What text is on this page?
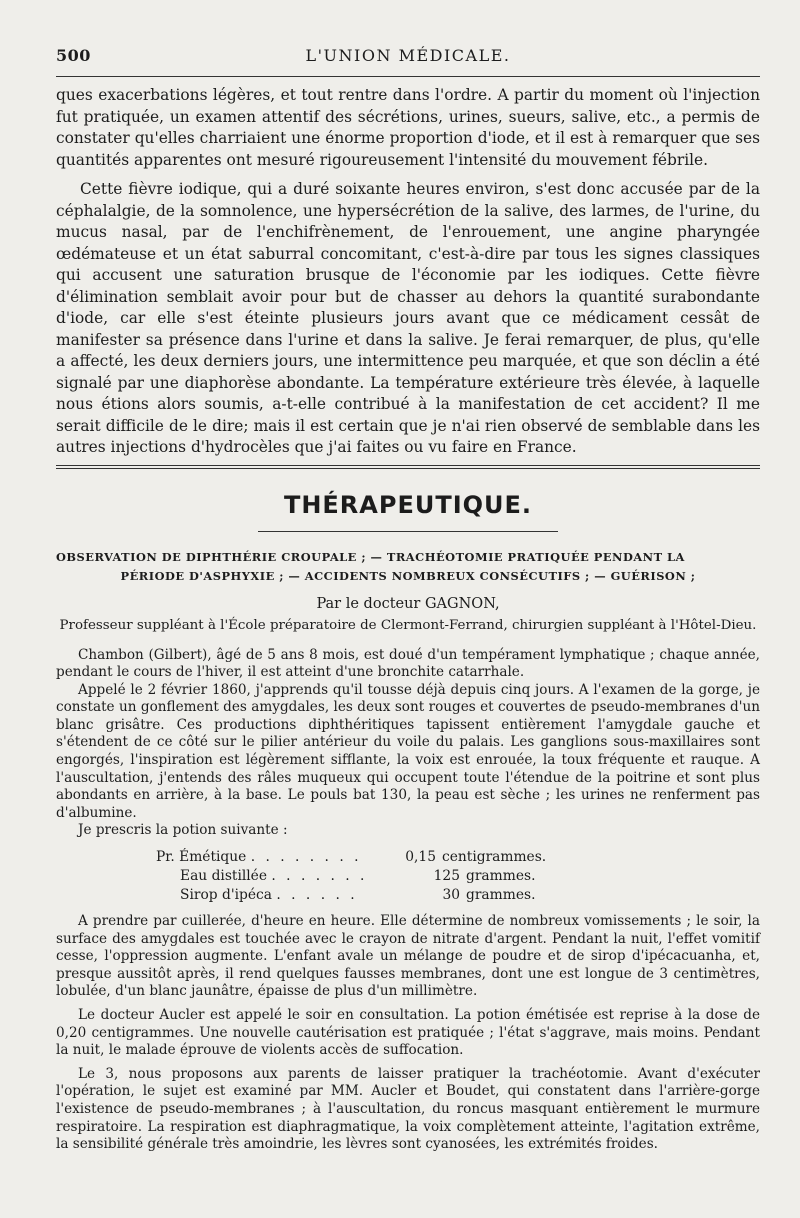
500	L'UNION MÉDICALE.

ques exacerbations légères, et tout rentre dans l'ordre. A partir du moment où l'injection fut pratiquée, un examen attentif des sécrétions, urines, sueurs, salive, etc., a permis de constater qu'elles charriaient une énorme proportion d'iode, et il est à remarquer que ses quantités apparentes ont mesuré rigoureusement l'intensité du mouvement fébrile.

Cette fièvre iodique, qui a duré soixante heures environ, s'est donc accusée par de la céphalalgie, de la somnolence, une hypersécrétion de la salive, des larmes, de l'urine, du mucus nasal, par de l'enchifrènement, de l'enrouement, une angine pharyngée œdémateuse et un état saburral concomitant, c'est-à-dire par tous les signes classiques qui accusent une saturation brusque de l'économie par les iodiques. Cette fièvre d'élimination semblait avoir pour but de chasser au dehors la quantité surabondante d'iode, car elle s'est éteinte plusieurs jours avant que ce médicament cessât de manifester sa présence dans l'urine et dans la salive. Je ferai remarquer, de plus, qu'elle a affecté, les deux derniers jours, une intermittence peu marquée, et que son déclin a été signalé par une diaphorèse abondante. La température extérieure très élevée, à laquelle nous étions alors soumis, a-t-elle contribué à la manifestation de cet accident? Il me serait difficile de le dire; mais il est certain que je n'ai rien observé de semblable dans les autres injections d'hydrocèles que j'ai faites ou vu faire en France.

THÉRAPEUTIQUE.
OBSERVATION DE DIPHTHÉRIE CROUPALE ; — TRACHÉOTOMIE PRATIQUÉE PENDANT LA
PÉRIODE D'ASPHYXIE ; — ACCIDENTS NOMBREUX CONSÉCUTIFS ; — GUÉRISON ;
Par le docteur GAGNON,
Professeur suppléant à l'École préparatoire de Clermont-Ferrand, chirurgien suppléant à l'Hôtel-Dieu.

Chambon (Gilbert), âgé de 5 ans 8 mois, est doué d'un tempérament lymphatique ; chaque année, pendant le cours de l'hiver, il est atteint d'une bronchite catarrhale.

Appelé le 2 février 1860, j'apprends qu'il tousse déjà depuis cinq jours. A l'examen de la gorge, je constate un gonflement des amygdales, les deux sont rouges et couvertes de pseudo-membranes d'un blanc grisâtre. Ces productions diphthéritiques tapissent entièrement l'amygdale gauche et s'étendent de ce côté sur le pilier antérieur du voile du palais. Les ganglions sous-maxillaires sont engorgés, l'inspiration est légèrement sifflante, la voix est enrouée, la toux fréquente et rauque. A l'auscultation, j'entends des râles muqueux qui occupent toute l'étendue de la poitrine et sont plus abondants en arrière, à la base. Le pouls bat 130, la peau est sèche ; les urines ne renferment pas d'albumine.

Je prescris la potion suivante :

Pr. Émétique . . . . . . . .	0,15 centigrammes.
Eau distillée . . . . . . .	125 grammes.
Sirop d'ipéca . . . . . .	30 grammes.

A prendre par cuillerée, d'heure en heure. Elle détermine de nombreux vomissements ; le soir, la surface des amygdales est touchée avec le crayon de nitrate d'argent. Pendant la nuit, l'effet vomitif cesse, l'oppression augmente. L'enfant avale un mélange de poudre et de sirop d'ipécacuanha, et, presque aussitôt après, il rend quelques fausses membranes, dont une est longue de 3 centimètres, lobulée, d'un blanc jaunâtre, épaisse de plus d'un millimètre.

Le docteur Aucler est appelé le soir en consultation. La potion émétisée est reprise à la dose de 0,20 centigrammes. Une nouvelle cautérisation est pratiquée ; l'état s'aggrave, mais moins. Pendant la nuit, le malade éprouve de violents accès de suffocation.

Le 3, nous proposons aux parents de laisser pratiquer la trachéotomie. Avant d'exécuter l'opération, le sujet est examiné par MM. Aucler et Boudet, qui constatent dans l'arrière-gorge l'existence de pseudo-membranes ; à l'auscultation, du roncus masquant entièrement le murmure respiratoire. La respiration est diaphragmatique, la voix complètement atteinte, l'agitation extrême, la sensibilité générale très amoindrie, les lèvres sont cyanosées, les extrémités froides.
